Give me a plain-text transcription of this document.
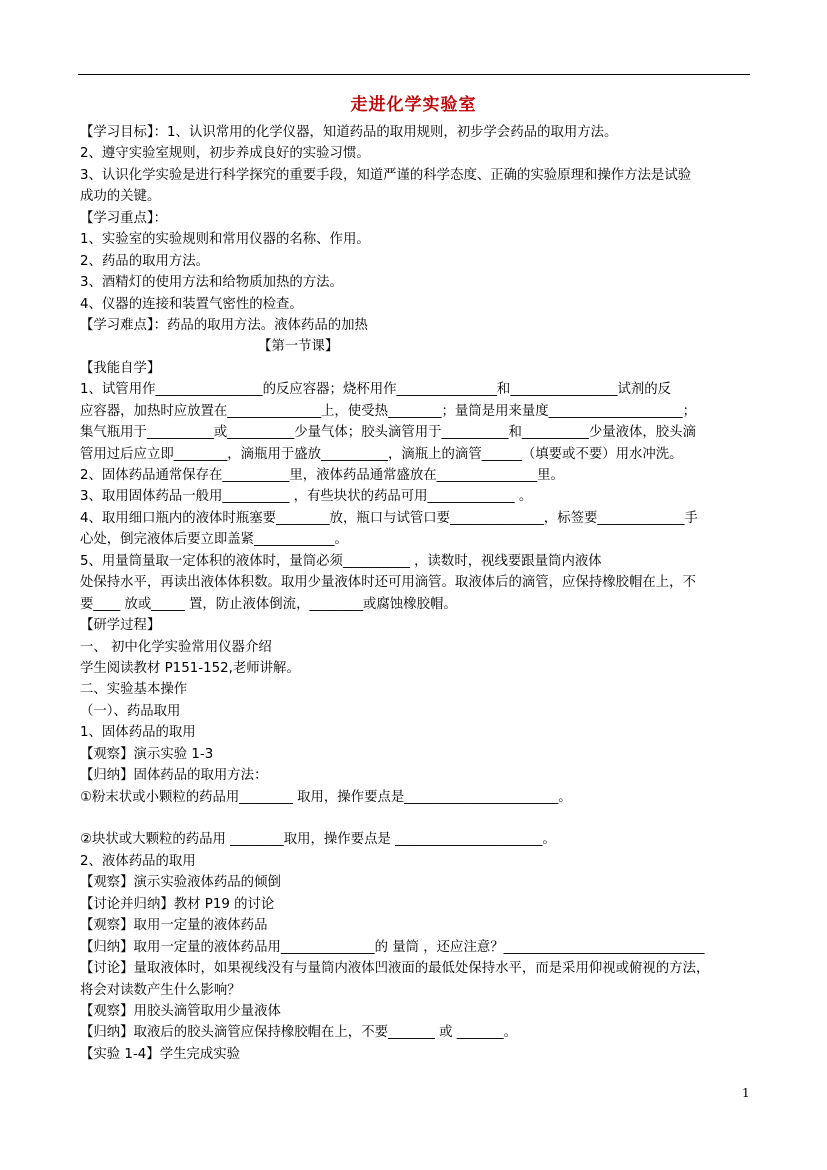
走进化学实验室
【学习目标】：1、认识常用的化学仪器，知道药品的取用规则，初步学会药品的取用方法。
2、遵守实验室规则，初步养成良好的实验习惯。
3、认识化学实验是进行科学探究的重要手段，知道严谨的科学态度、正确的实验原理和操作方法是试验
成功的关键。
【学习重点】：
1、实验室的实验规则和常用仪器的名称、作用。
2、药品的取用方法。
3、酒精灯的使用方法和给物质加热的方法。
4、仪器的连接和装置气密性的检查。
【学习难点】：药品的取用方法。液体药品的加热
【第一节课】
【我能自学】
1、试管用作________________的反应容器；烧杯用作_______________和________________试剂的反
应容器，加热时应放置在______________上，使受热________；量筒是用来量度____________________；
集气瓶用于__________或__________少量气体；胶头滴管用于__________和__________少量液体，胶头滴
管用过后应立即________，滴瓶用于盛放__________，滴瓶上的滴管______（填要或不要）用水冲洗。
2、固体药品通常保存在__________里，液体药品通常盛放在_______________里。
3、取用固体药品一般用__________ ，有些块状的药品可用_____________ 。
4、取用细口瓶内的液体时瓶塞要________放，瓶口与试管口要______________，标签要_____________手
心处，倒完液体后要立即盖紧____________。
5、用量筒量取一定体积的液体时，量筒必须__________ ，读数时，视线要跟量筒内液体
处保持水平，再读出液体体积数。取用少量液体时还可用滴管。取液体后的滴管，应保持橡胶帽在上，不
要____ 放或_____ 置，防止液体倒流，________或腐蚀橡胶帽。
【研学过程】
一、 初中化学实验常用仪器介绍
学生阅读教材 P151-152,老师讲解。
二、实验基本操作
（一）、药品取用
1、固体药品的取用
【观察】演示实验 1-3
【归纳】固体药品的取用方法：
①粉末状或小颗粒的药品用________ 取用，操作要点是_______________________。
②块状或大颗粒的药品用 ________取用，操作要点是 ______________________。
2、液体药品的取用
【观察】演示实验液体药品的倾倒
【讨论并归纳】教材 P19 的讨论
【观察】取用一定量的液体药品
【归纳】取用一定量的液体药品用______________的 量筒 ，还应注意？______________________________
【讨论】量取液体时，如果视线没有与量筒内液体凹液面的最低处保持水平，而是采用仰视或俯视的方法，
将会对读数产生什么影响？
【观察】用胶头滴管取用少量液体
【归纳】取液后的胶头滴管应保持橡胶帽在上，不要_______ 或 _______。
【实验 1-4】学生完成实验
1
